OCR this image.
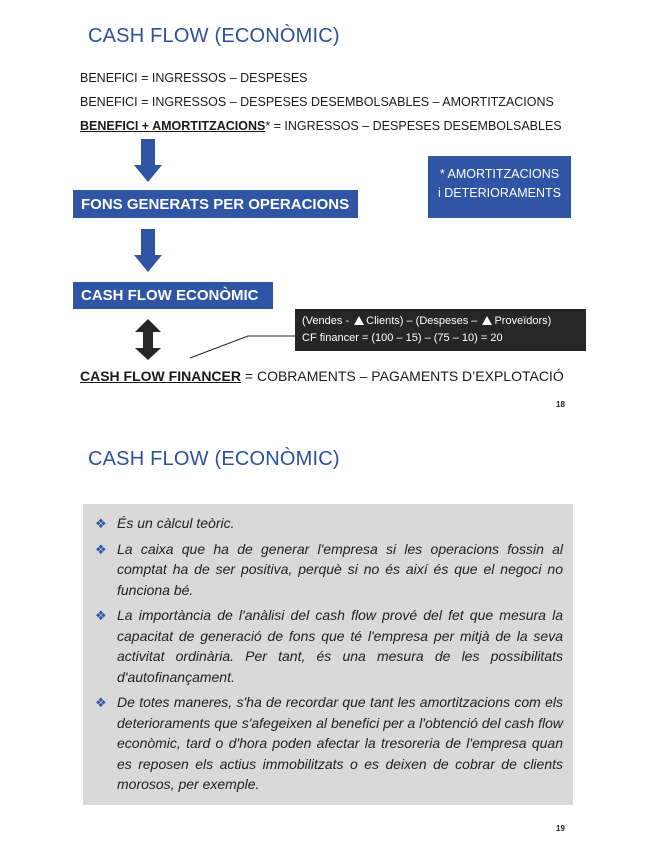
CASH FLOW (ECONÒMIC)
BENEFICI = INGRESSOS – DESPESES
BENEFICI = INGRESSOS – DESPESES DESEMBOLSABLES – AMORTITZACIONS
BENEFICI + AMORTITZACIONS* = INGRESSOS – DESPESES DESEMBOLSABLES
FONS GENERATS PER OPERACIONS
* AMORTITZACIONS
i DETERIORAMENTS
CASH FLOW ECONÒMIC
(Vendes - Clients) – (Despeses – Proveïdors)
CF financer = (100 – 15) – (75 – 10) = 20
CASH FLOW FINANCER = COBRAMENTS – PAGAMENTS D’EXPLOTACIÓ
18
CASH FLOW (ECONÒMIC)
❖ És un càlcul teòric.
❖ La caixa que ha de generar l'empresa si les operacions fossin al comptat ha de ser positiva, perquè si no és així és que el negoci no funciona bé.
❖ La importància de l'anàlisi del cash flow prové del fet que mesura la capacitat de generació de fons que té l'empresa per mitjà de la seva activitat ordinària. Per tant, és una mesura de les possibilitats d'autofinançament.
❖ De totes maneres, s'ha de recordar que tant les amortitzacions com els deterioraments que s'afegeixen al benefici per a l'obtenció del cash flow econòmic, tard o d'hora poden afectar la tresoreria de l'empresa quan es reposen els actius immobilitzats o es deixen de cobrar de clients morosos, per exemple.
19
